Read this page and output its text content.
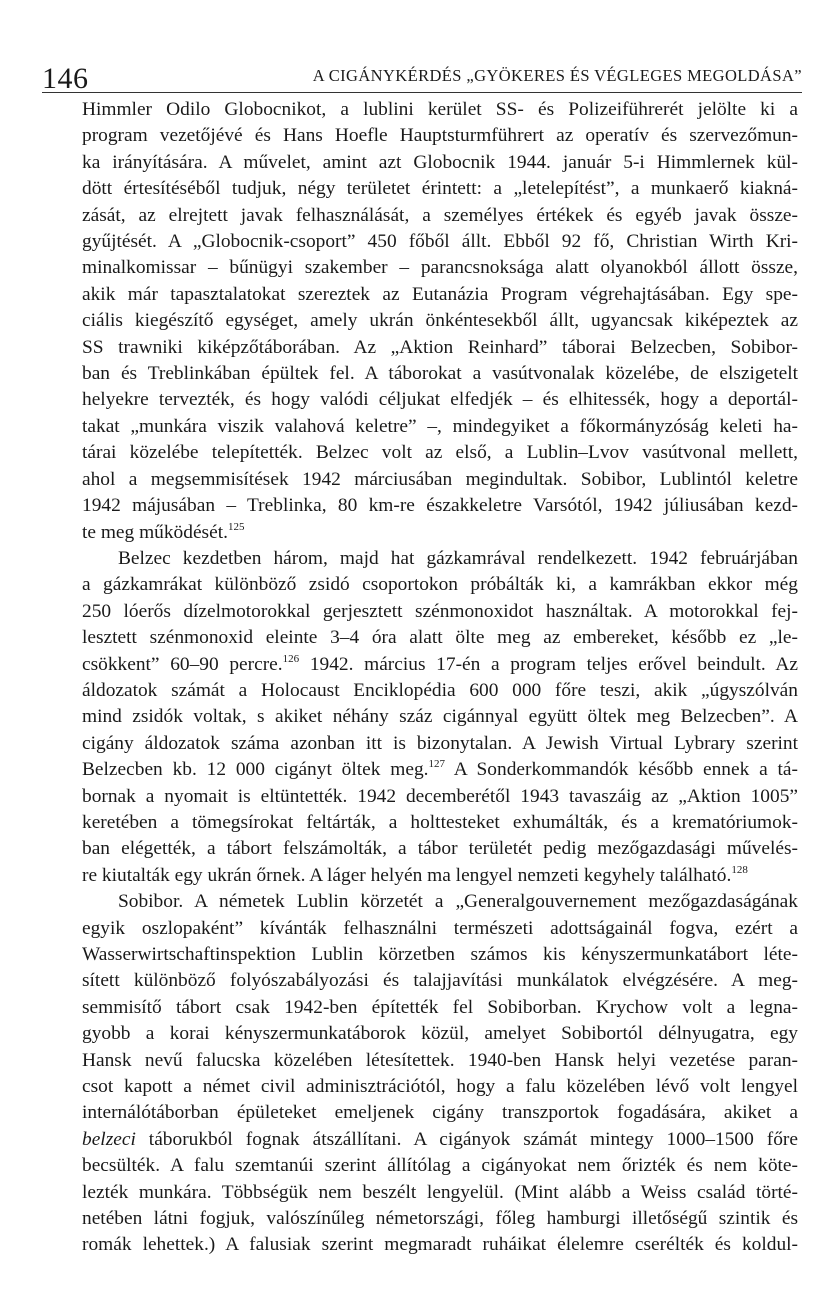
146	A CIGÁNYKÉRDÉS „GYÖKERES ÉS VÉGLEGES MEGOLDÁSA”

Himmler Odilo Globocnikot, a lublini kerület SS- és Polizeiführerét jelölte ki a
program vezetőjévé és Hans Hoefle Hauptsturmführert az operatív és szervezőmun-
ka irányítására. A művelet, amint azt Globocnik 1944. január 5-i Himmlernek kül-
dött értesítéséből tudjuk, négy területet érintett: a „letelepítést”, a munkaerő kiakná-
zását, az elrejtett javak felhasználását, a személyes értékek és egyéb javak össze-
gyűjtését. A „Globocnik-csoport” 450 főből állt. Ebből 92 fő, Christian Wirth Kri-
minalkomissar – bűnügyi szakember – parancsnoksága alatt olyanokból állott össze,
akik már tapasztalatokat szereztek az Eutanázia Program végrehajtásában. Egy spe-
ciális kiegészítő egységet, amely ukrán önkéntesekből állt, ugyancsak kiképeztek az
SS trawniki kiképzőtáborában. Az „Aktion Reinhard” táborai Belzecben, Sobibor-
ban és Treblinkában épültek fel. A táborokat a vasútvonalak közelébe, de elszigetelt
helyekre tervezték, és hogy valódi céljukat elfedjék – és elhitessék, hogy a deportál-
takat „munkára viszik valahová keletre” –, mindegyiket a főkormányzóság keleti ha-
tárai közelébe telepítették. Belzec volt az első, a Lublin–Lvov vasútvonal mellett,
ahol a megsemmisítések 1942 márciusában megindultak. Sobibor, Lublintól keletre
1942 májusában – Treblinka, 80 km-re északkeletre Varsótól, 1942 júliusában kezd-
te meg működését.$^{125}$

Belzec kezdetben három, majd hat gázkamrával rendelkezett. 1942 februárjában
a gázkamrákat különböző zsidó csoportokon próbálták ki, a kamrákban ekkor még
250 lóerős dízelmotorokkal gerjesztett szénmonoxidot használtak. A motorokkal fej-
lesztett szénmonoxid eleinte 3–4 óra alatt ölte meg az embereket, később ez „le-
csökkent” 60–90 percre.$^{126}$ 1942. március 17-én a program teljes erővel beindult. Az
áldozatok számát a Holocaust Enciklopédia 600 000 főre teszi, akik „úgyszólván
mind zsidók voltak, s akiket néhány száz cigánnyal együtt öltek meg Belzecben”. A
cigány áldozatok száma azonban itt is bizonytalan. A Jewish Virtual Lybrary szerint
Belzecben kb. 12 000 cigányt öltek meg.$^{127}$ A Sonderkommandók később ennek a tá-
bornak a nyomait is eltüntették. 1942 decemberétől 1943 tavaszáig az „Aktion 1005”
keretében a tömegsírokat feltárták, a holttesteket exhumálták, és a krematóriumok-
ban elégették, a tábort felszámolták, a tábor területét pedig mezőgazdasági művelés-
re kiutalták egy ukrán őrnek. A láger helyén ma lengyel nemzeti kegyhely található.$^{128}$

Sobibor. A németek Lublin körzetét a „Generalgouvernement mezőgazdaságának
egyik oszlopaként” kívánták felhasználni természeti adottságainál fogva, ezért a
Wasserwirtschaftinspektion Lublin körzetben számos kis kényszermunkatábort léte-
sített különböző folyószabályozási és talajjavítási munkálatok elvégzésére. A meg-
semmisítő tábort csak 1942-ben építették fel Sobiborban. Krychow volt a legna-
gyobb a korai kényszermunkatáborok közül, amelyet Sobibortól délnyugatra, egy
Hansk nevű falucska közelében létesítettek. 1940-ben Hansk helyi vezetése paran-
csot kapott a német civil adminisztrációtól, hogy a falu közelében lévő volt lengyel
internálótáborban épületeket emeljenek cigány transzportok fogadására, akiket a
belzeci táborukból fognak átszállítani. A cigányok számát mintegy 1000–1500 főre
becsülték. A falu szemtanúi szerint állítólag a cigányokat nem őrizték és nem köte-
lezték munkára. Többségük nem beszélt lengyelül. (Mint alább a Weiss család törté-
netében látni fogjuk, valószínűleg németországi, főleg hamburgi illetőségű szintik és
romák lehettek.) A falusiak szerint megmaradt ruháikat élelemre cserélték és koldul-
